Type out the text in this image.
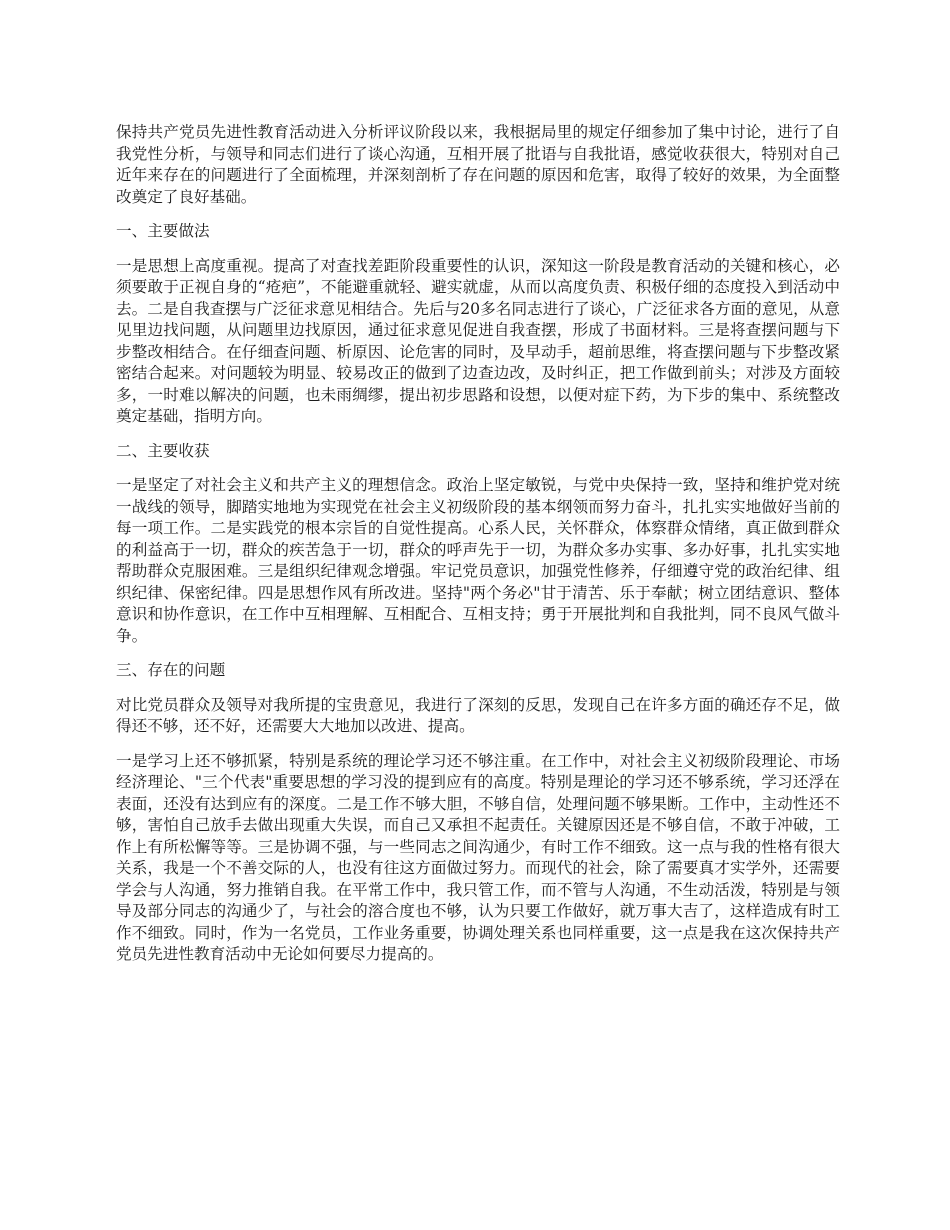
保持共产党员先进性教育活动进入分析评议阶段以来，我根据局里的规定仔细参加了集中讨论，进行了自我党性分析，与领导和同志们进行了谈心沟通，互相开展了批语与自我批语，感觉收获很大，特别对自己近年来存在的问题进行了全面梳理，并深刻剖析了存在问题的原因和危害，取得了较好的效果，为全面整改奠定了良好基础。

一、主要做法

一是思想上高度重视。提高了对查找差距阶段重要性的认识，深知这一阶段是教育活动的关键和核心，必须要敢于正视自身的“疮疤”，不能避重就轻、避实就虚，从而以高度负责、积极仔细的态度投入到活动中去。二是自我查摆与广泛征求意见相结合。先后与20多名同志进行了谈心，广泛征求各方面的意见，从意见里边找问题，从问题里边找原因，通过征求意见促进自我查摆，形成了书面材料。三是将查摆问题与下步整改相结合。在仔细查问题、析原因、论危害的同时，及早动手，超前思维，将查摆问题与下步整改紧密结合起来。对问题较为明显、较易改正的做到了边查边改，及时纠正，把工作做到前头；对涉及方面较多，一时难以解决的问题，也未雨绸缪，提出初步思路和设想，以便对症下药，为下步的集中、系统整改奠定基础，指明方向。

二、主要收获

一是坚定了对社会主义和共产主义的理想信念。政治上坚定敏锐，与党中央保持一致，坚持和维护党对统一战线的领导，脚踏实地地为实现党在社会主义初级阶段的基本纲领而努力奋斗，扎扎实实地做好当前的每一项工作。二是实践党的根本宗旨的自觉性提高。心系人民，关怀群众，体察群众情绪，真正做到群众的利益高于一切，群众的疾苦急于一切，群众的呼声先于一切，为群众多办实事、多办好事，扎扎实实地帮助群众克服困难。三是组织纪律观念增强。牢记党员意识，加强党性修养，仔细遵守党的政治纪律、组织纪律、保密纪律。四是思想作风有所改进。坚持"两个务必"甘于清苦、乐于奉献；树立团结意识、整体意识和协作意识，在工作中互相理解、互相配合、互相支持；勇于开展批判和自我批判，同不良风气做斗争。

三、存在的问题

对比党员群众及领导对我所提的宝贵意见，我进行了深刻的反思，发现自己在许多方面的确还存不足，做得还不够，还不好，还需要大大地加以改进、提高。

一是学习上还不够抓紧，特别是系统的理论学习还不够注重。在工作中，对社会主义初级阶段理论、市场经济理论、"三个代表"重要思想的学习没的提到应有的高度。特别是理论的学习还不够系统，学习还浮在表面，还没有达到应有的深度。二是工作不够大胆，不够自信，处理问题不够果断。工作中，主动性还不够，害怕自己放手去做出现重大失误，而自己又承担不起责任。关键原因还是不够自信，不敢于冲破，工作上有所松懈等等。三是协调不强，与一些同志之间沟通少，有时工作不细致。这一点与我的性格有很大关系，我是一个不善交际的人，也没有往这方面做过努力。而现代的社会，除了需要真才实学外，还需要学会与人沟通，努力推销自我。在平常工作中，我只管工作，而不管与人沟通，不生动活泼，特别是与领导及部分同志的沟通少了，与社会的溶合度也不够，认为只要工作做好，就万事大吉了，这样造成有时工作不细致。同时，作为一名党员，工作业务重要，协调处理关系也同样重要，这一点是我在这次保持共产党员先进性教育活动中无论如何要尽力提高的。
